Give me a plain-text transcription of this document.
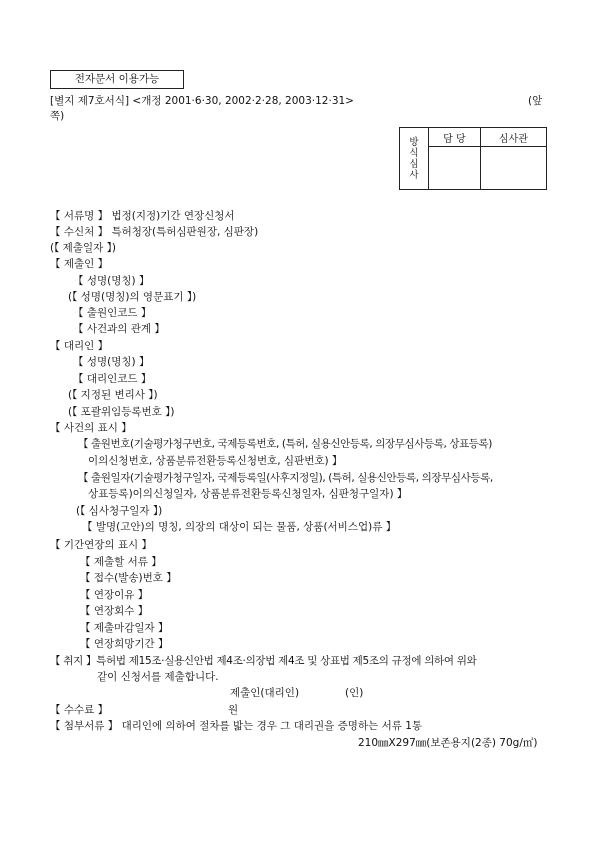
전자문서 이용가능
[별지 제7호서식] <개정 2001·6·30, 2002·2·28, 2003·12·31>	(앞
쪽)
방
식
심
사	담 당	심사관

【 서류명 】 법정(지정)기간 연장신청서
【 수신처 】 특허청장(특허심판원장, 심판장)
(【 제출일자 】)
【 제출인 】
【 성명(명칭) 】
(【 성명(명칭)의 영문표기 】)
【 출원인코드 】
【 사건과의 관계 】
【 대리인 】
【 성명(명칭) 】
【 대리인코드 】
(【 지정된 변리사 】)
(【 포괄위임등록번호 】)
【 사건의 표시 】
【 출원번호(기술평가청구번호, 국제등록번호, (특허, 실용신안등록, 의장무심사등록, 상표등록)
이의신청번호, 상품분류전환등록신청번호, 심판번호) 】
【 출원일자(기술평가청구일자, 국제등록일(사후지정일), (특허, 실용신안등록, 의장무심사등록,
상표등록)이의신청일자, 상품분류전환등록신청일자, 심판청구일자) 】
(【 심사청구일자 】)
【 발명(고안)의 명칭, 의장의 대상이 되는 물품, 상품(서비스업)류 】
【 기간연장의 표시 】
【 제출할 서류 】
【 접수(발송)번호 】
【 연장이유 】
【 연장회수 】
【 제출마감일자 】
【 연장희망기간 】
【 취지 】특허법 제15조·실용신안법 제4조·의장법 제4조 및 상표법 제5조의 규정에 의하여 위와
같이 신청서를 제출합니다.
제출인(대리인)	(인)
【 수수료 】	원
【 첨부서류 】 대리인에 의하여 절차를 밟는 경우 그 대리권을 증명하는 서류 1통
210㎜X297㎜(보존용지(2종) 70g/㎡)
